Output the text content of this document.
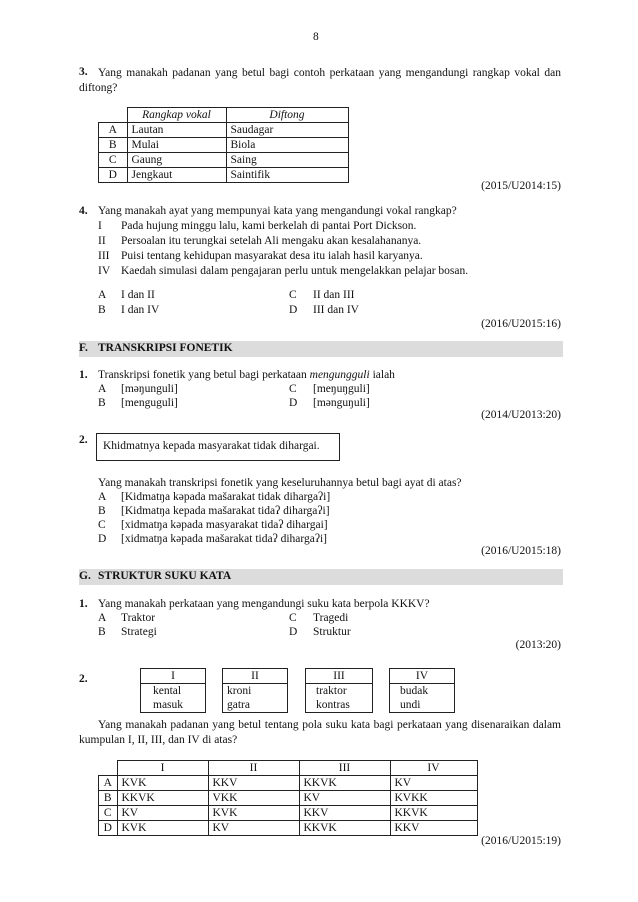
8
3. Yang manakah padanan yang betul bagi contoh perkataan yang mengandungi rangkap vokal dan diftong?
	Rangkap vokal	Diftong
A	Lautan	Saudagar
B	Mulai	Biola
C	Gaung	Saing
D	Jengkaut	Saintifik
(2015/U2014:15)
4. Yang manakah ayat yang mempunyai kata yang mengandungi vokal rangkap?
I Pada hujung minggu lalu, kami berkelah di pantai Port Dickson.
II Persoalan itu terungkai setelah Ali mengaku akan kesalahananya.
III Puisi tentang kehidupan masyarakat desa itu ialah hasil karyanya.
IV Kaedah simulasi dalam pengajaran perlu untuk mengelakkan pelajar bosan.
A I dan II
B I dan IV
C II dan III
D III dan IV
(2016/U2015:16)
F. TRANSKRIPSI FONETIK
1. Transkripsi fonetik yang betul bagi perkataan mengungguli ialah
A [məŋunguli]
B [menguguli]
C [meŋuŋguli]
D [mənguŋuli]
(2014/U2013:20)
2. Khidmatnya kepada masyarakat tidak dihargai.
Yang manakah transkripsi fonetik yang keseluruhannya betul bagi ayat di atas?
A [Kidmatŋa kəpada mašarakat tidak dihargaʔi]
B [Kidmatŋa kepada mašarakat tidaʔ dihargaʔi]
C [xidmatŋa kəpada masyarakat tidaʔ dihargai]
D [xidmatŋa kəpada mašarakat tidaʔ dihargaʔi]
(2016/U2015:18)
G. STRUKTUR SUKU KATA
1. Yang manakah perkataan yang mengandungi suku kata berpola KKKV?
A Traktor
B Strategi
C Tragedi
D Struktur
(2013:20)
2.	I
kental
masuk
II
kroni
gatra
III
traktor
kontras
IV
budak
undi
Yang manakah padanan yang betul tentang pola suku kata bagi perkataan yang disenaraikan dalam kumpulan I, II, III, dan IV di atas?
	I	II	III	IV
A	KVK	KKV	KKVK	KV
B	KKVK	VKK	KV	KVKK
C	KV	KVK	KKV	KKVK
D	KVK	KV	KKVK	KKV
(2016/U2015:19)
